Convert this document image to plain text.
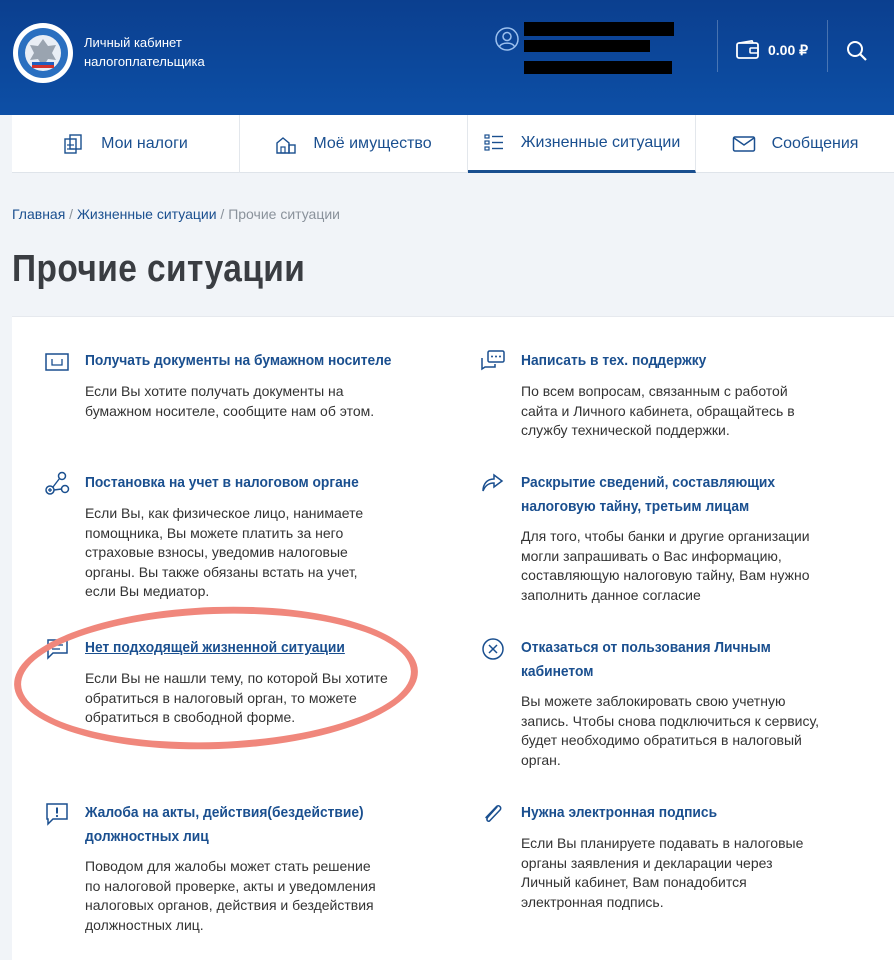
Личный кабинет
налогоплательщика
0.00 ₽
Мои налоги	Моё имущество	Жизненные ситуации	Сообщения
Главная / Жизненные ситуации / Прочие ситуации
Прочие ситуации
Получать документы на бумажном носителе
Если Вы хотите получать документы на
бумажном носителе, сообщите нам об этом.
Написать в тех. поддержку
По всем вопросам, связанным с работой
сайта и Личного кабинета, обращайтесь в
службу технической поддержки.
Постановка на учет в налоговом органе
Если Вы, как физическое лицо, нанимаете
помощника, Вы можете платить за него
страховые взносы, уведомив налоговые
органы. Вы также обязаны встать на учет,
если Вы медиатор.
Раскрытие сведений, составляющих
налоговую тайну, третьим лицам
Для того, чтобы банки и другие организации
могли запрашивать о Вас информацию,
составляющую налоговую тайну, Вам нужно
заполнить данное согласие
Нет подходящей жизненной ситуации
Если Вы не нашли тему, по которой Вы хотите
обратиться в налоговый орган, то можете
обратиться в свободной форме.
Отказаться от пользования Личным
кабинетом
Вы можете заблокировать свою учетную
запись. Чтобы снова подключиться к сервису,
будет необходимо обратиться в налоговый
орган.
Жалоба на акты, действия(бездействие)
должностных лиц
Поводом для жалобы может стать решение
по налоговой проверке, акты и уведомления
налоговых органов, действия и бездействия
должностных лиц.
Нужна электронная подпись
Если Вы планируете подавать в налоговые
органы заявления и декларации через
Личный кабинет, Вам понадобится
электронная подпись.
